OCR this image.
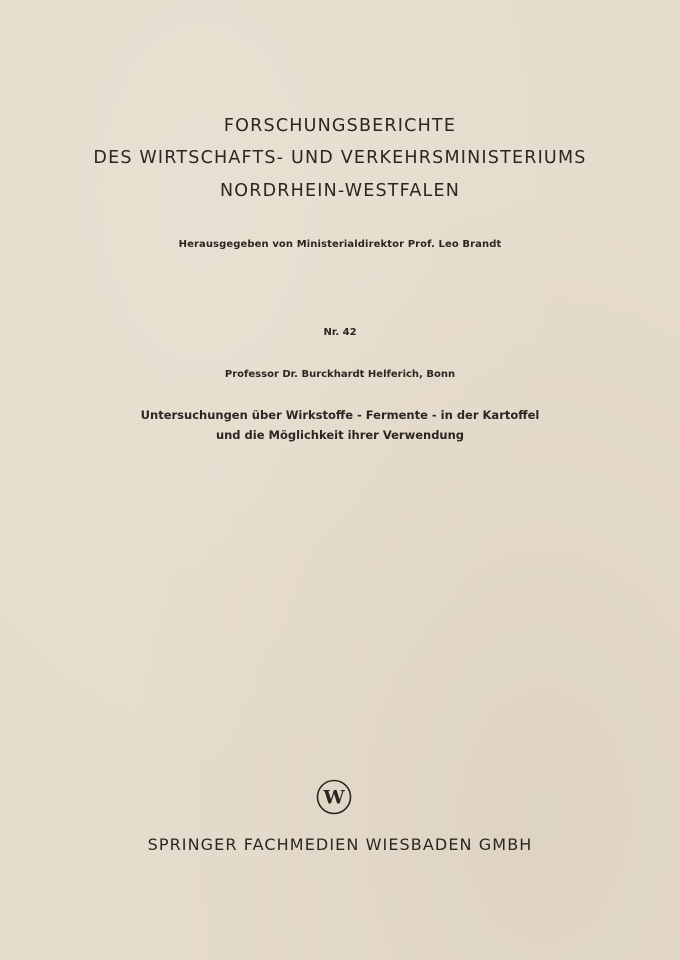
FORSCHUNGSBERICHTE
DES WIRTSCHAFTS- UND VERKEHRSMINISTERIUMS
NORDRHEIN-WESTFALEN
Herausgegeben von Ministerialdirektor Prof. Leo Brandt
Nr. 42
Professor Dr. Burckhardt Helferich, Bonn
Untersuchungen über Wirkstoffe - Fermente - in der Kartoffel
und die Möglichkeit ihrer Verwendung
W
SPRINGER FACHMEDIEN WIESBADEN GMBH
